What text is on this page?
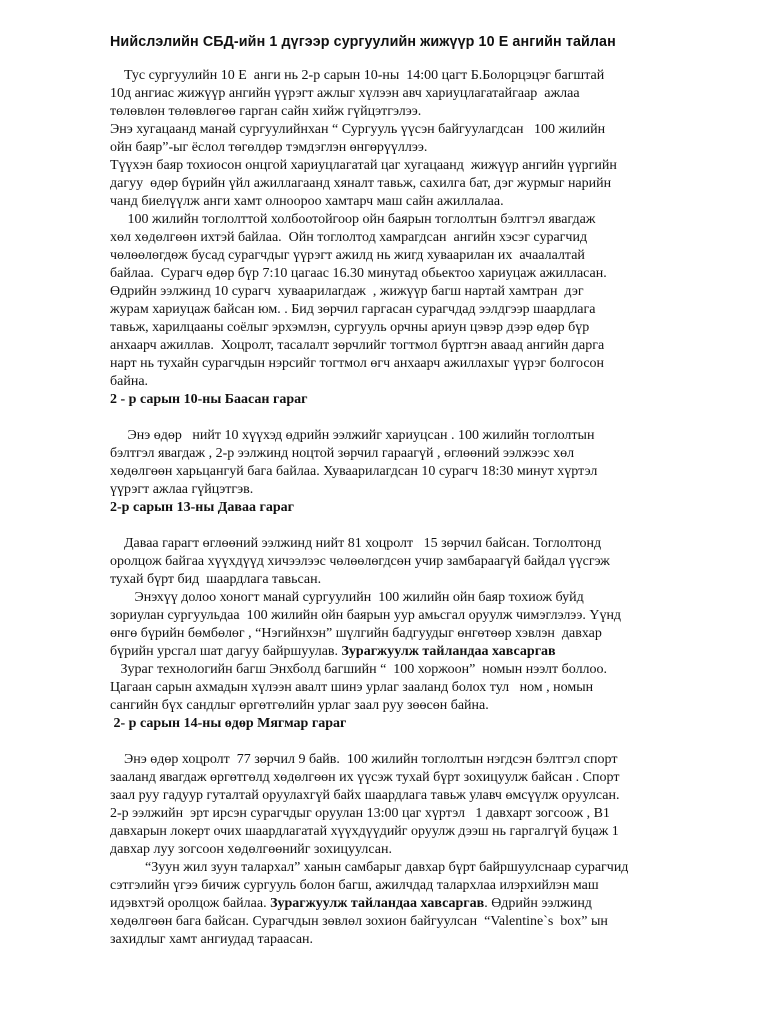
Нийслэлийн СБД-ийн 1 дүгээр сургуулийн жижүүр 10 Е ангийн тайлан
Тус сургуулийн 10 Е  анги нь 2-р сарын 10-ны  14:00 цагт Б.Болорцэцэг багштай
10д ангиас жижүүр ангийн үүрэгт ажлыг хүлээн авч хариуцлагатайгаар  ажлаа
төлөвлөн төлөвлөгөө гарган сайн хийж гүйцэтгэлээ.
Энэ хугацаанд манай сургуулийнхан “ Сургууль үүсэн байгуулагдсан   100 жилийн
ойн баяр”-ыг ёслол төгөлдөр тэмдэглэн өнгөрүүллээ.
Түүхэн баяр тохиосон онцгой хариуцлагатай цаг хугацаанд  жижүүр ангийн үүргийн
дагуу  өдөр бүрийн үйл ажиллагаанд хяналт тавьж, сахилга бат, дэг журмыг нарийн
чанд биелүүлж анги хамт олноороо хамтарч маш сайн ажиллалаа.
100 жилийн тоглолттой холбоотойгоор ойн баярын тоглолтын бэлтгэл явагдаж
хөл хөдөлгөөн ихтэй байлаа.  Ойн тоглолтод хамрагдсан  ангийн хэсэг сурагчид
чөлөөлөгдөж бусад сурагчдыг үүрэгт ажилд нь жигд хуваарилан их  ачаалалтай
байлаа.  Сурагч өдөр бүр 7:10 цагаас 16.30 минутад обьектоо хариуцаж ажилласан.
Өдрийн ээлжинд 10 сурагч  хуваарилагдаж  , жижүүр багш нартай хамтран  дэг
журам хариуцаж байсан юм. . Бид зөрчил гаргасан сурагчдад ээлдгээр шаардлага
тавьж, харилцааны соёлыг эрхэмлэн, сургууль орчны ариун цэвэр дээр өдөр бүр
анхаарч ажиллав.  Хоцролт, тасалалт зөрчлийг тогтмол бүртгэн аваад ангийн дарга
нарт нь тухайн сурагчдын нэрсийг тогтмол өгч анхаарч ажиллахыг үүрэг болгосон
байна.
2 - р сарын 10-ны Баасан гараг
Энэ өдөр   нийт 10 хүүхэд өдрийн ээлжийг хариуцсан . 100 жилийн тоглолтын
бэлтгэл явагдаж , 2-р ээлжинд ноцтой зөрчил гараагүй , өглөөний ээлжээс хөл
хөдөлгөөн харьцангуй бага байлаа. Хуваарилагдсан 10 сурагч 18:30 минут хүртэл
үүрэгт ажлаа гүйцэтгэв.
2-р сарын 13-ны Даваа гараг
Даваа гарагт өглөөний ээлжинд нийт 81 хоцролт   15 зөрчил байсан. Тоглолтонд
оролцож байгаа хүүхдүүд хичээлээс чөлөөлөгдсөн учир замбараагүй байдал үүсгэж
тухай бүрт бид  шаардлага тавьсан.
Энэхүү долоо хоногт манай сургуулийн  100 жилийн ойн баяр тохиож буйд
зориулан сургуульдаа  100 жилийн ойн баярын уур амьсгал оруулж чимэглэлээ. Үүнд
өнгө бүрийн бөмбөлөг , “Нэгийнхэн” шүлгийн бадгуудыг өнгөтөөр хэвлэн  давхар
бүрийн урсгал шат дагуу байршуулав. Зурагжуулж тайландаа хавсаргав
Зураг технологийн багш Энхболд багшийн “  100 хоржоон”  номын нээлт боллоо.
Цагаан сарын ахмадын хүлээн авалт шинэ урлаг зааланд болох тул   ном , номын
сангийн бүх сандлыг өргөтгөлийн урлаг заал руу зөөсөн байна.
2- р сарын 14-ны өдөр Мягмар гараг
Энэ өдөр хоцролт  77 зөрчил 9 байв.  100 жилийн тоглолтын нэгдсэн бэлтгэл спорт
зааланд явагдаж өргөтгөлд хөдөлгөөн их үүсэж тухай бүрт зохицуулж байсан . Спорт
заал руу гадуур гуталтай оруулахгүй байх шаардлага тавьж улавч өмсүүлж оруулсан.
2-р ээлжийн  эрт ирсэн сурагчдыг оруулан 13:00 цаг хүртэл   1 давхарт зогсоож , В1
давхарын локерт очих шаардлагатай хүүхдүүдийг оруулж дээш нь гаргалгүй буцаж 1
давхар луу зогсоон хөдөлгөөнийг зохицуулсан.
“Зуун жил зуун талархал” ханын самбарыг давхар бүрт байршуулснаар сурагчид
сэтгэлийн үгээ бичиж сургууль болон багш, ажилчдад талархлаа илэрхийлэн маш
идэвхтэй оролцож байлаа. Зурагжуулж тайландаа хавсаргав. Өдрийн ээлжинд
хөдөлгөөн бага байсан. Сурагчдын зөвлөл зохион байгуулсан  “Valentine`s  box” ын
захидлыг хамт ангиудад тараасан.
